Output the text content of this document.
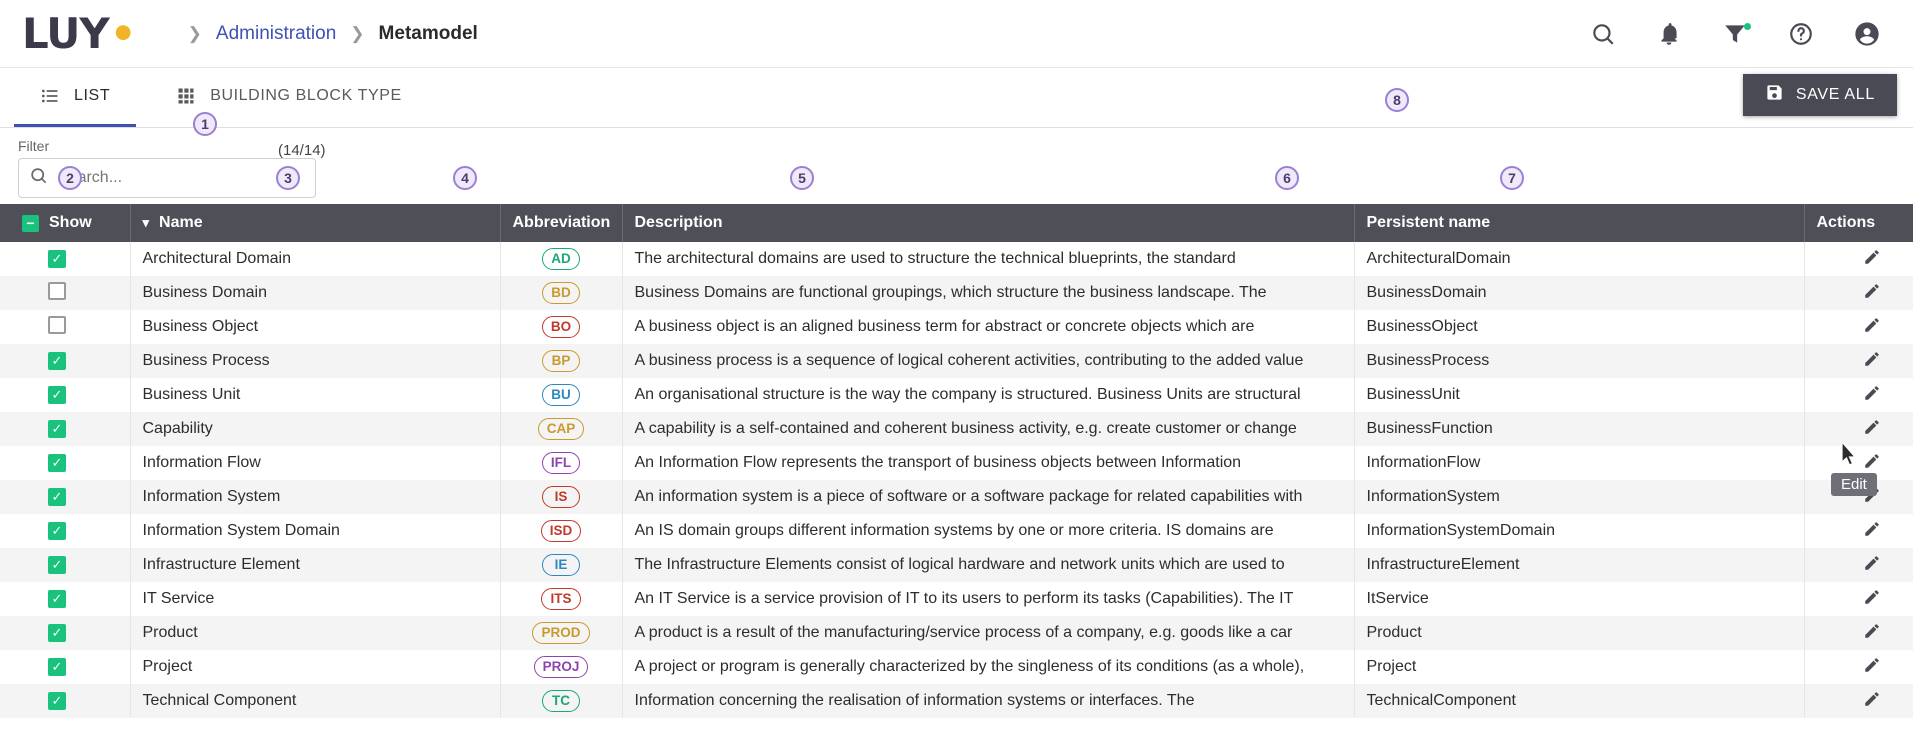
LUY •	❯ Administration ❯ Metamodel
LIST	BUILDING BLOCK TYPE	SAVE ALL
Filter
Search...	(14/14)
− Show	▾ Name	Abbreviation	Description	Persistent name	Actions
✓	Architectural Domain	AD	The architectural domains are used to structure the technical blueprints, the standard	ArchitecturalDomain	
	Business Domain	BD	Business Domains are functional groupings, which structure the business landscape. The	BusinessDomain	
	Business Object	BO	A business object is an aligned business term for abstract or concrete objects which are	BusinessObject	
✓	Business Process	BP	A business process is a sequence of logical coherent activities, contributing to the added value	BusinessProcess	
✓	Business Unit	BU	An organisational structure is the way the company is structured. Business Units are structural	BusinessUnit	
✓	Capability	CAP	A capability is a self-contained and coherent business activity, e.g. create customer or change	BusinessFunction	
✓	Information Flow	IFL	An Information Flow represents the transport of business objects between Information	InformationFlow	
✓	Information System	IS	An information system is a piece of software or a software package for related capabilities with	InformationSystem	
✓	Information System Domain	ISD	An IS domain groups different information systems by one or more criteria. IS domains are	InformationSystemDomain	
✓	Infrastructure Element	IE	The Infrastructure Elements consist of logical hardware and network units which are used to	InfrastructureElement	
✓	IT Service	ITS	An IT Service is a service provision of IT to its users to perform its tasks (Capabilities). The IT	ItService	
✓	Product	PROD	A product is a result of the manufacturing/service process of a company, e.g. goods like a car	Product	
✓	Project	PROJ	A project or program is generally characterized by the singleness of its conditions (as a whole),	Project	
✓	Technical Component	TC	Information concerning the realisation of information systems or interfaces. The	TechnicalComponent	
Edit
1
2	3	4	5	6	7
8
